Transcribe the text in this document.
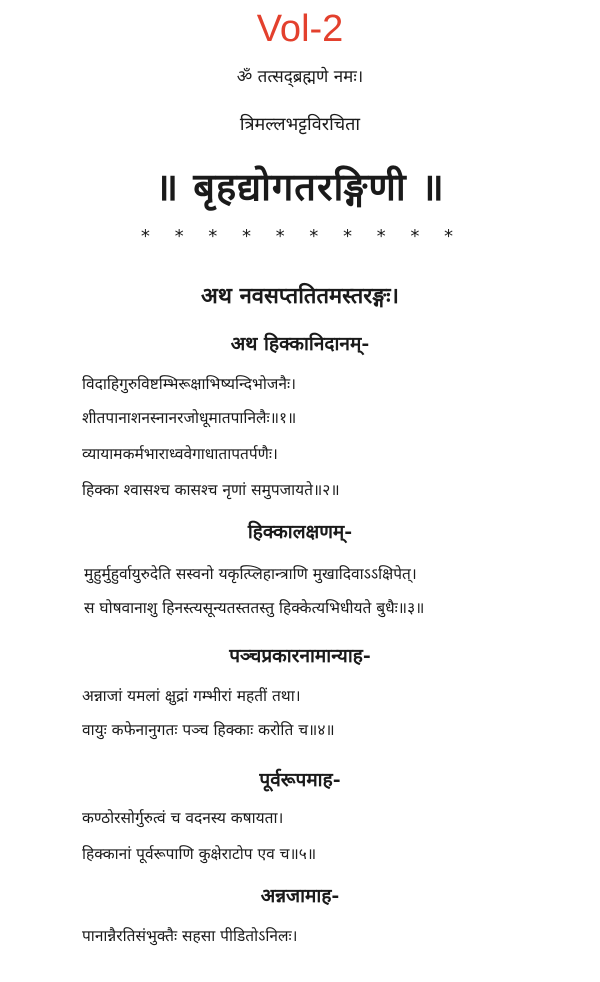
Vol-2
ॐ तत्सद्ब्रह्मणे नमः।
त्रिमल्लभट्टविरचिता
॥ बृहद्योगतरङ्गिणी ॥
* * * * * * * * * *
अथ नवसप्ततितमस्तरङ्गः।
अथ हिक्कानिदानम्-
विदाहिगुरुविष्टम्भिरूक्षाभिष्यन्दिभोजनैः।
शीतपानाशनस्नानरजोधूमातपानिलैः॥१॥
व्यायामकर्मभाराध्ववेगाधातापतर्पणैः।
हिक्का श्वासश्च कासश्च नृणां समुपजायते॥२॥
हिक्कालक्षणम्-
मुहुर्मुहुर्वायुरुदेति सस्वनो यकृत्प्लिहान्त्राणि मुखादिवाऽऽक्षिपेत्।
स घोषवानाशु हिनस्त्यसून्यतस्ततस्तु हिक्केत्यभिधीयते बुधैः॥३॥
पञ्चप्रकारनामान्याह-
अन्नाजां यमलां क्षुद्रां गम्भीरां महतीं तथा।
वायुः कफेनानुगतः पञ्च हिक्काः करोति च॥४॥
पूर्वरूपमाह-
कण्ठोरसोर्गुरुत्वं च वदनस्य कषायता।
हिक्कानां पूर्वरूपाणि कुक्षेराटोप एव च॥५॥
अन्नजामाह-
पानान्नैरतिसंभुक्तैः सहसा पीडितोऽनिलः।
